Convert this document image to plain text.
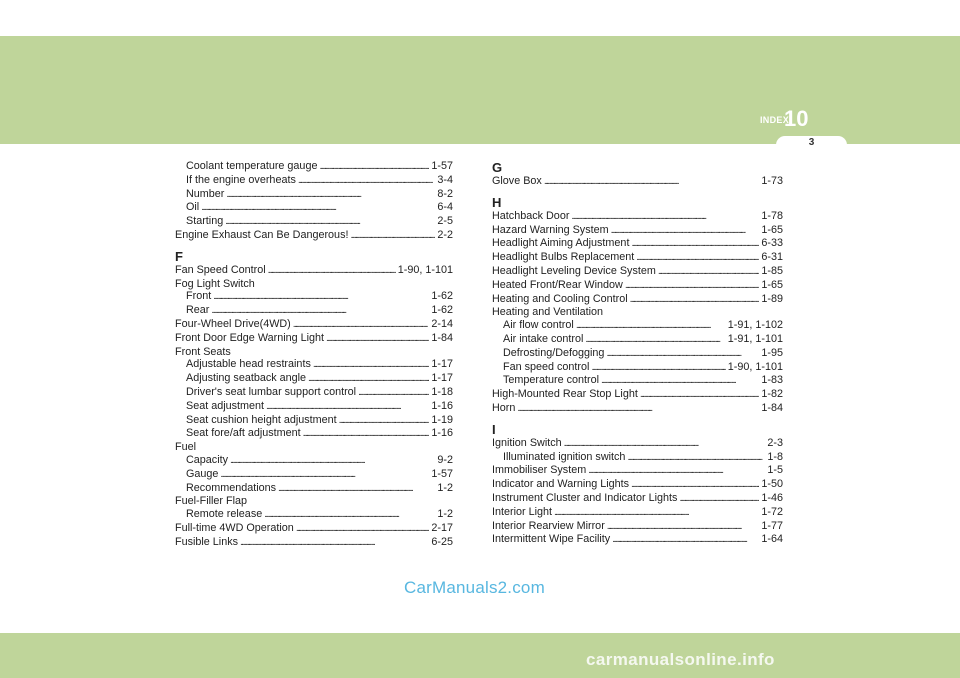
INDEX
10
3
Coolant temperature gauge . . .	1-57
If the engine overheats . . .	3-4
Number . . .	8-2
Oil . . .	6-4
Starting . . .	2-5
Engine Exhaust Can Be Dangerous! . . .	2-2
F
Fan Speed Control . . .	1-90, 1-101
Fog Light Switch
Front . . .	1-62
Rear . . .	1-62
Four-Wheel Drive(4WD) . . .	2-14
Front Door Edge Warning Light . . .	1-84
Front Seats
Adjustable head restraints . . .	1-17
Adjusting seatback angle . . .	1-17
Driver's seat lumbar support control . . .	1-18
Seat adjustment . . .	1-16
Seat cushion height adjustment . . .	1-19
Seat fore/aft adjustment . . .	1-16
Fuel
Capacity . . .	9-2
Gauge . . .	1-57
Recommendations . . .	1-2
Fuel-Filler Flap
Remote release . . .	1-2
Full-time 4WD Operation . . .	2-17
Fusible Links . . .	6-25
G
Glove Box . . .	1-73
H
Hatchback Door . . .	1-78
Hazard Warning System . . .	1-65
Headlight Aiming Adjustment . . .	6-33
Headlight Bulbs Replacement . . .	6-31
Headlight Leveling Device System . . .	1-85
Heated Front/Rear Window . . .	1-65
Heating and Cooling Control . . .	1-89
Heating and Ventilation
Air flow control . . .	1-91, 1-102
Air intake control . . .	1-91, 1-101
Defrosting/Defogging . . .	1-95
Fan speed control . . .	1-90, 1-101
Temperature control . . .	1-83
High-Mounted Rear Stop Light . . .	1-82
Horn . . .	1-84
I
Ignition Switch . . .	2-3
Illuminated ignition switch . . .	1-8
Immobiliser System . . .	1-5
Indicator and Warning Lights . . .	1-50
Instrument Cluster and Indicator Lights . . .	1-46
Interior Light . . .	1-72
Interior Rearview Mirror . . .	1-77
Intermittent Wipe Facility . . .	1-64
CarManuals2.com
carmanualsonline.info
